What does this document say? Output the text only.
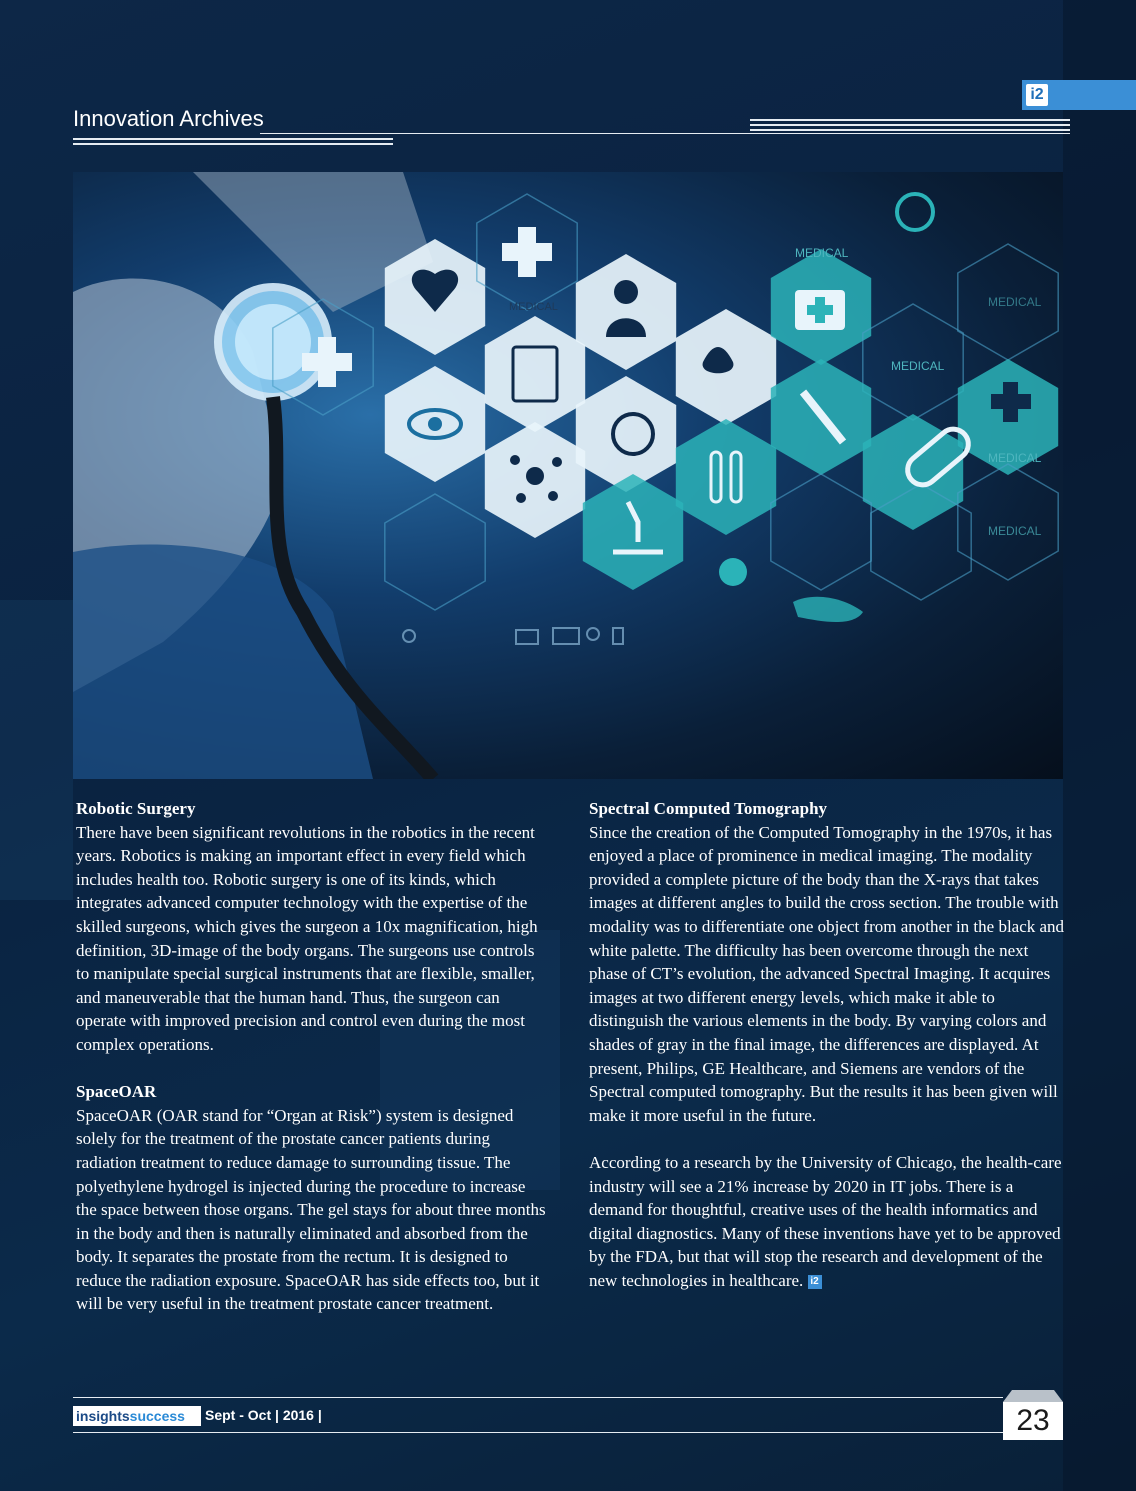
Innovation Archives
i2
MEDICAL
MEDICAL
MEDICAL
MEDICAL
MEDICAL
MEDICAL
Robotic Surgery

There have been significant revolutions in the robotics in the recent years. Robotics is making an important effect in every field which includes health too. Robotic surgery is one of its kinds, which integrates advanced computer technology with the expertise of the skilled surgeons, which gives the surgeon a 10x magnification, high definition, 3D-image of the body organs. The surgeons use controls to manipulate special surgical instruments that are flexible, smaller, and maneuverable that the human hand. Thus, the surgeon can operate with improved precision and control even during the most complex operations.

SpaceOAR

SpaceOAR (OAR stand for “Organ at Risk”) system is designed solely for the treatment of the prostate cancer patients during radiation treatment to reduce damage to surrounding tissue. The polyethylene hydrogel is injected during the procedure to increase the space between those organs. The gel stays for about three months in the body and then is naturally eliminated and absorbed from the body. It separates the prostate from the rectum. It is designed to reduce the radiation exposure. SpaceOAR has side effects too, but it will be very useful in the treatment prostate cancer treatment.

Spectral Computed Tomography

Since the creation of the Computed Tomography in the 1970s, it has enjoyed a place of prominence in medical imaging. The modality provided a complete picture of the body than the X-rays that takes images at different angles to build the cross section. The trouble with modality was to differentiate one object from another in the black and white palette. The difficulty has been overcome through the next phase of CT’s evolution, the advanced Spectral Imaging. It acquires images at two different energy levels, which make it able to distinguish the various elements in the body. By varying colors and shades of gray in the final image, the differences are displayed. At present, Philips, GE Healthcare, and Siemens are vendors of the Spectral computed tomography. But the results it has been given will make it more useful in the future.

According to a research by the University of Chicago, the health-care industry will see a 21% increase by 2020 in IT jobs. There is a demand for thoughtful, creative uses of the health informatics and digital diagnostics. Many of these inventions have yet to be approved by the FDA, but that will stop the research and development of the new technologies in healthcare. i2

insightssuccess	Sept - Oct | 2016 |	23
